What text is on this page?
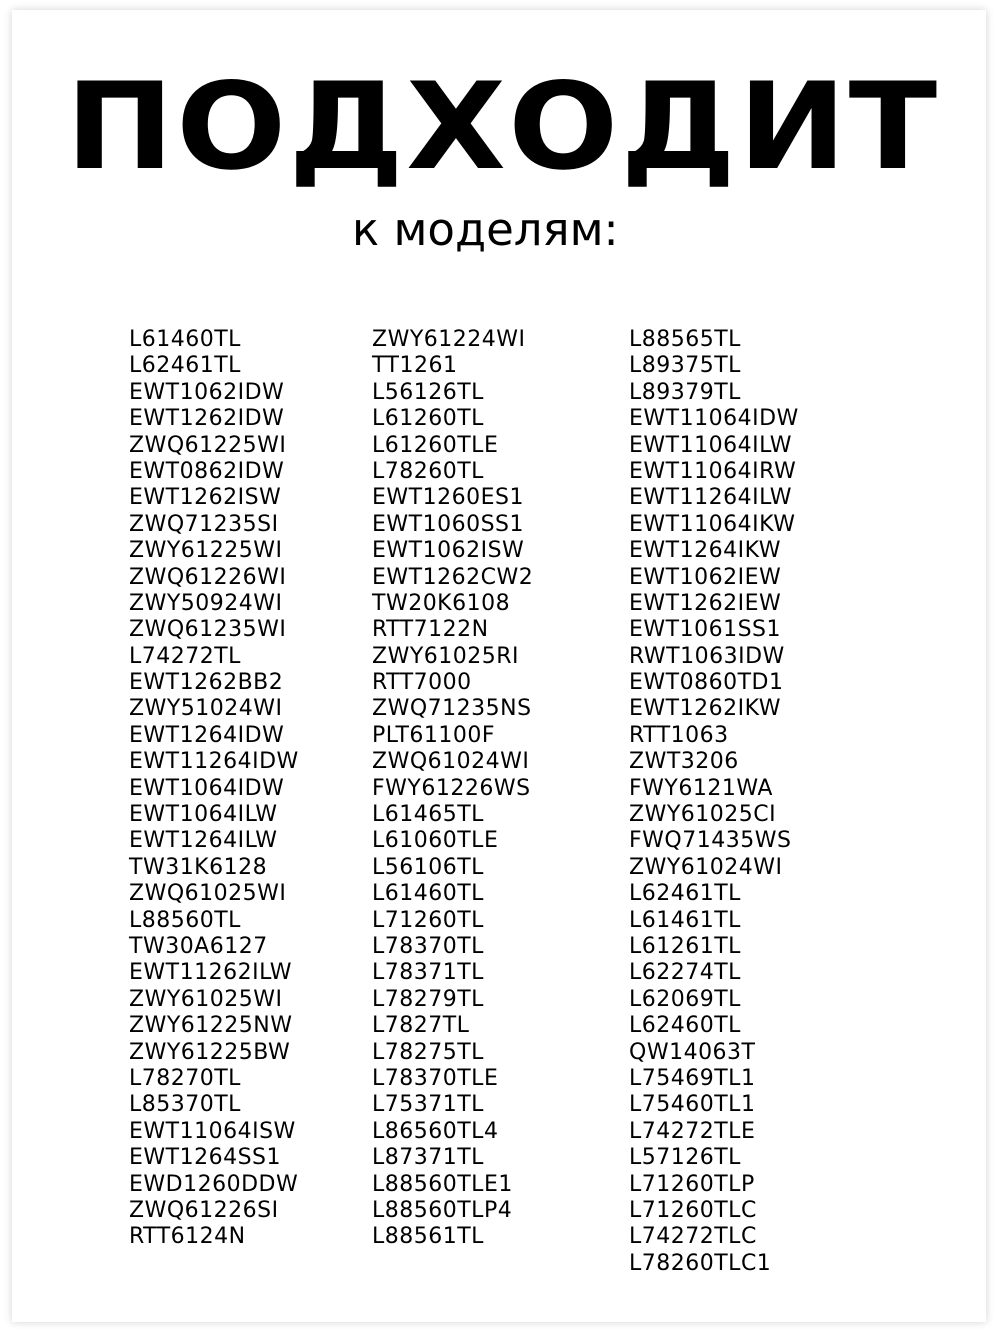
ПОДХОДИТ
к моделям:
L61460TL
L62461TL
EWT1062IDW
EWT1262IDW
ZWQ61225WI
EWT0862IDW
EWT1262ISW
ZWQ71235SI
ZWY61225WI
ZWQ61226WI
ZWY50924WI
ZWQ61235WI
L74272TL
EWT1262BB2
ZWY51024WI
EWT1264IDW
EWT11264IDW
EWT1064IDW
EWT1064ILW
EWT1264ILW
TW31K6128
ZWQ61025WI
L88560TL
TW30A6127
EWT11262ILW
ZWY61025WI
ZWY61225NW
ZWY61225BW
L78270TL
L85370TL
EWT11064ISW
EWT1264SS1
EWD1260DDW
ZWQ61226SI
RTT6124N
ZWY61224WI
TT1261
L56126TL
L61260TL
L61260TLE
L78260TL
EWT1260ES1
EWT1060SS1
EWT1062ISW
EWT1262CW2
TW20K6108
RTT7122N
ZWY61025RI
RTT7000
ZWQ71235NS
PLT61100F
ZWQ61024WI
FWY61226WS
L61465TL
L61060TLE
L56106TL
L61460TL
L71260TL
L78370TL
L78371TL
L78279TL
L7827TL
L78275TL
L78370TLE
L75371TL
L86560TL4
L87371TL
L88560TLE1
L88560TLP4
L88561TL
L88565TL
L89375TL
L89379TL
EWT11064IDW
EWT11064ILW
EWT11064IRW
EWT11264ILW
EWT11064IKW
EWT1264IKW
EWT1062IEW
EWT1262IEW
EWT1061SS1
RWT1063IDW
EWT0860TD1
EWT1262IKW
RTT1063
ZWT3206
FWY6121WA
ZWY61025CI
FWQ71435WS
ZWY61024WI
L62461TL
L61461TL
L61261TL
L62274TL
L62069TL
L62460TL
QW14063T
L75469TL1
L75460TL1
L74272TLE
L57126TL
L71260TLP
L71260TLC
L74272TLC
L78260TLC1
